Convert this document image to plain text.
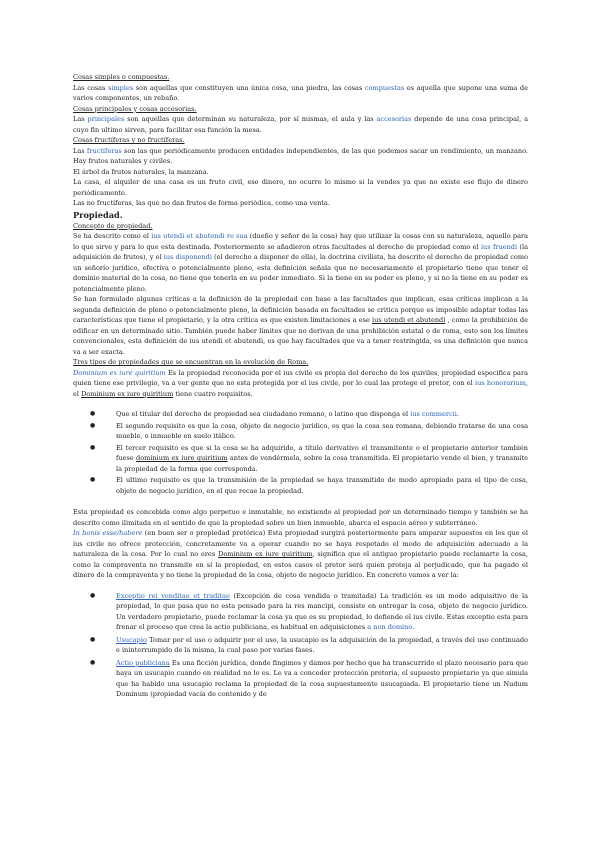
Cosas simples o compuestas.

Las cosas simples son aquellas que constituyen una única cosa, una piedra, las cosas compuestas es aquella que supone una suma de varios componentes, un rebaño.

Cosas principales y cosas accesorias.

Las principales son aquellas que determinan su naturaleza, por sí mismas, el aula y las accesorias depende de una cosa principal, a cuyo fin ultimo sirven, para facilitar esa función la mesa.

Cosas fructíferas y no fructíferas.

Las fructíferas son las que periódicamente producen entidades independientes, de las que podemos sacar un rendimiento, un manzano. Hay frutos naturales y civiles.

El árbol da frutos naturales, la manzana.

La casa, el alquiler de una casa es un fruto civil, ese dinero, no ocurre lo mismo si la vendes ya que no existe ese flujo de dinero periódicamente.

Las no fructíferas, las que no dan frutos de forma periódica, como una venta.

Propiedad.

Concepto de propiedad.

Se ha descrito como el ius utendi et abutendi re sua (dueño y señor de la cosa) hay que utilizar la cosas con su naturaleza, aquello para lo que sirve y para lo que esta destinada. Posteriormente se añadieron otras facultades al derecho de propiedad como el ius fruendi (la adquisición de frutos), y el ius disponendi (el derecho a disponer de ella), la doctrina civilista, ha descrito el derecho de propiedad como un señorío jurídico, efectiva o potencialmente pleno, esta definición señala que no necesariamente el propietario tiene que tener el dominio material de la cosa, no tiene que tenerla en su poder inmediato. Si la tiene en su poder es pleno, y si no la tiene en su poder es potencialmente pleno.

Se han formulado algunas críticas a la definición de la propiedad con base a las facultades que implican, esas críticas implican a la segunda definición de pleno o potencialmente pleno, la definición basada en facultades se critica porque es imposible adaptar todas las características que tiene el propietario, y la otra crítica es que existen limitaciones a ese ius utendi et abutendi , como la prohibición de edificar en un determinado sitio. También puede haber límites que no derivan de una prohibición estatal o de roma, esto son los límites convencionales, esta definición de ius utendi et abutendi, es que hay facultades que va a tener restringida, es una definición que nunca va a ser exacta.

Tres tipos de propiedades que se encuentran en la evolución de Roma.

Dominium ex iure quiritium Es la propiedad reconocida por el ius civile es propia del derecho de los quiviles, propiedad especifica para quien tiene ese privilegio, va a ver gente que no esta protegida por el ius civile, por lo cual las protege el pretor, con el ius honorarium, el Dominium ex iure quiritium tiene cuatro requisitos.

●	Que el titular del derecho de propiedad sea ciudadano romano, o latino que disponga el ius commercii.
●	El segundo requisito es que la cosa, objeto de negocio jurídico, es que la cosa sea romana, debiendo tratarse de una cosa mueble, o inmueble en suelo itálico.
●	El tercer requisito es que si la cosa se ha adquirido, a título derivativo el transmitente o el propietario anterior también fuese dominium ex iure quiritium antes de vendérmela, sobre la cosa transmitida. El propietario vende el bien, y transmite la propiedad de la forma que corresponda.
●	El ultimo requisito es que la transmisión de la propiedad se haya transmitido de modo apropiado para el tipo de cosa, objeto de negocio jurídico, en el que recae la propiedad.

Esta propiedad es concebida como algo perpetuo e inmutable, no existiendo al propiedad por un determinado tiempo y también se ha descrito como ilimitada en el sentido de que la propiedad sobre un bien inmueble, abarca el espacio aéreo y subterráneo.

In bonis esse/habere (en buen ser o propiedad pretórica) Esta propiedad surgirá posteriormente para amparar supuestos en los que el ius civile no ofrece protección, concretamente va a operar cuando no se haya respetado el modo de adquisición adecuado a la naturaleza de la cosa. Por lo cual no eres Dominium ex iure quiritium, significa que el antiguo propietario puede reclamarte la cosa, como la compraventa no transmite en sí la propiedad, en estos casos el pretor será quien proteja al perjudicado, que ha pagado el dinero de la compraventa y no tiene la propiedad de la cosa, objeto de negocio jurídico. En concreto vamos a ver la:

●	Exceptio rei venditae et traditae (Excepción de cosa vendida o tramitada) La tradición es un modo adquisitivo de la propiedad, lo que pasa que no esta pensado para la res mancipi, consiste en entregar la cosa, objeto de negocio jurídico. Un verdadero propietario, puede reclamar la cosa ya que es su propiedad, lo defiende el ius civile. Estas exceptio esta para frenar el proceso que crea la actio publiciana, es habitual en adquisiciones a non domino.
●	Usucapio Tomar por el uso o adquirir por el uso, la usucapio es la adquisición de la propiedad, a través del uso continuado e ininterrumpido de la misma, la cual paso por varias fases.
●	Actio publiciana Es una ficción jurídica, donde fingimos y damos por hecho que ha transcurrido el plazo necesario para que haya un usucapio cuando en realidad no lo es. Le va a conceder protección pretoria, el supuesto propietario ya que simula que ha habido una usucapio reclama la propiedad de la cosa supuestamente usucapiada. El propietario tiene un Nudum Dominum (propiedad vacía de contenido y de
